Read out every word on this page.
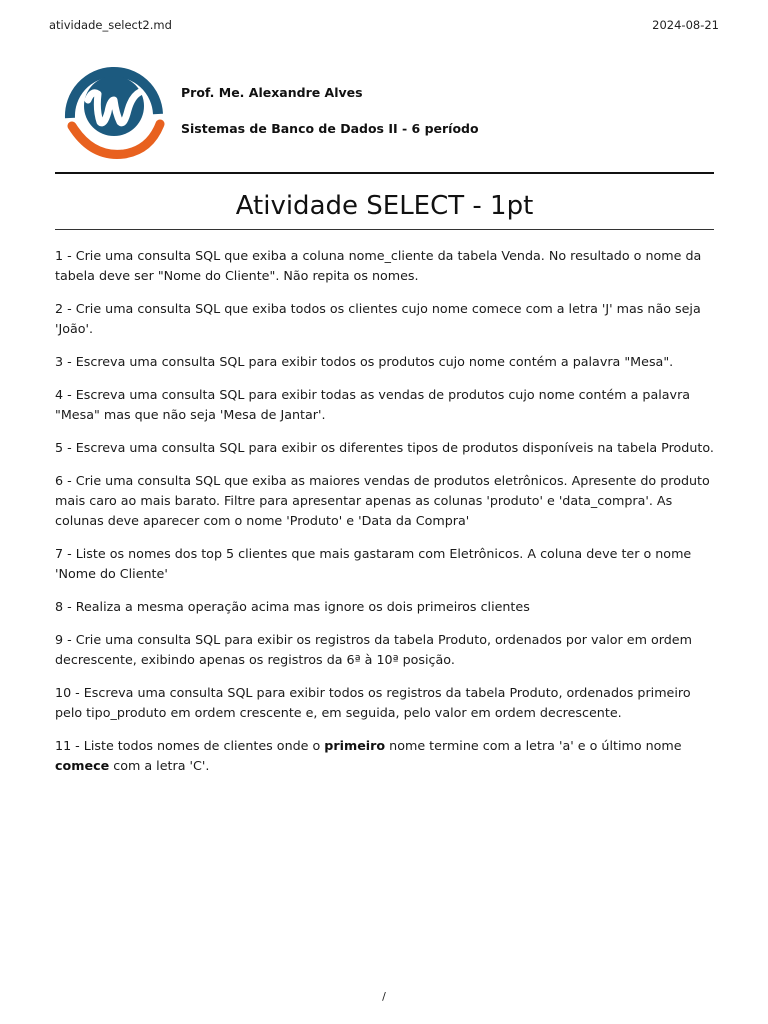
atividade_select2.md	2024-08-21
Prof. Me. Alexandre Alves
Sistemas de Banco de Dados II - 6 período
Atividade SELECT - 1pt

1 - Crie uma consulta SQL que exiba a coluna nome_cliente da tabela Venda. No resultado o nome da tabela deve ser "Nome do Cliente". Não repita os nomes.

2 - Crie uma consulta SQL que exiba todos os clientes cujo nome comece com a letra 'J' mas não seja 'João'.

3 - Escreva uma consulta SQL para exibir todos os produtos cujo nome contém a palavra "Mesa".

4 - Escreva uma consulta SQL para exibir todas as vendas de produtos cujo nome contém a palavra "Mesa" mas que não seja 'Mesa de Jantar'.

5 - Escreva uma consulta SQL para exibir os diferentes tipos de produtos disponíveis na tabela Produto.

6 - Crie uma consulta SQL que exiba as maiores vendas de produtos eletrônicos. Apresente do produto mais caro ao mais barato. Filtre para apresentar apenas as colunas 'produto' e 'data_compra'. As colunas deve aparecer com o nome 'Produto' e 'Data da Compra'

7 - Liste os nomes dos top 5 clientes que mais gastaram com Eletrônicos. A coluna deve ter o nome 'Nome do Cliente'

8 - Realiza a mesma operação acima mas ignore os dois primeiros clientes

9 - Crie uma consulta SQL para exibir os registros da tabela Produto, ordenados por valor em ordem decrescente, exibindo apenas os registros da 6ª à 10ª posição.

10 - Escreva uma consulta SQL para exibir todos os registros da tabela Produto, ordenados primeiro pelo tipo_produto em ordem crescente e, em seguida, pelo valor em ordem decrescente.

11 - Liste todos nomes de clientes onde o primeiro nome termine com a letra 'a' e o último nome comece com a letra 'C'.

/
